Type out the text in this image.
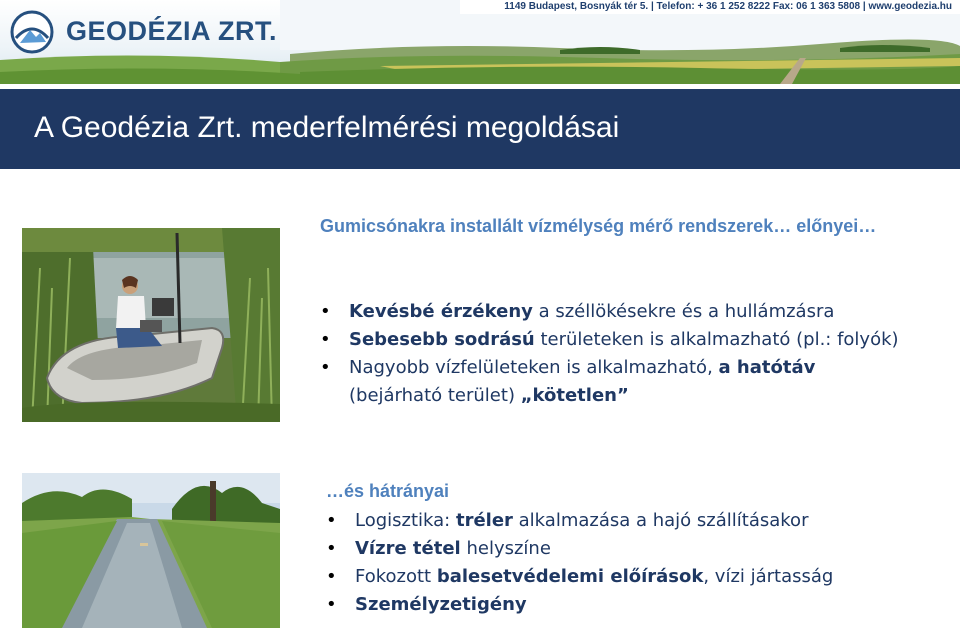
1149 Budapest, Bosnyák tér 5. | Telefon: + 36 1 252 8222 Fax: 06 1 363 5808 | www.geodezia.hu
GEODÉZIA ZRT.
A Geodézia Zrt. mederfelmérési megoldásai

Gumicsónakra installált vízmélység mérő rendszerek… előnyei…

• Kevésbé érzékeny a széllökésekre és a hullámzásra
• Sebesebb sodrású területeken is alkalmazható (pl.: folyók)
• Nagyobb vízfelületeken is alkalmazható, a hatótáv
(bejárható terület) „kötetlen”

…és hátrányai

• Logisztika: tréler alkalmazása a hajó szállításakor
• Vízre tétel helyszíne
• Fokozott balesetvédelemi előírások, vízi jártasság
• Személyzetigény
